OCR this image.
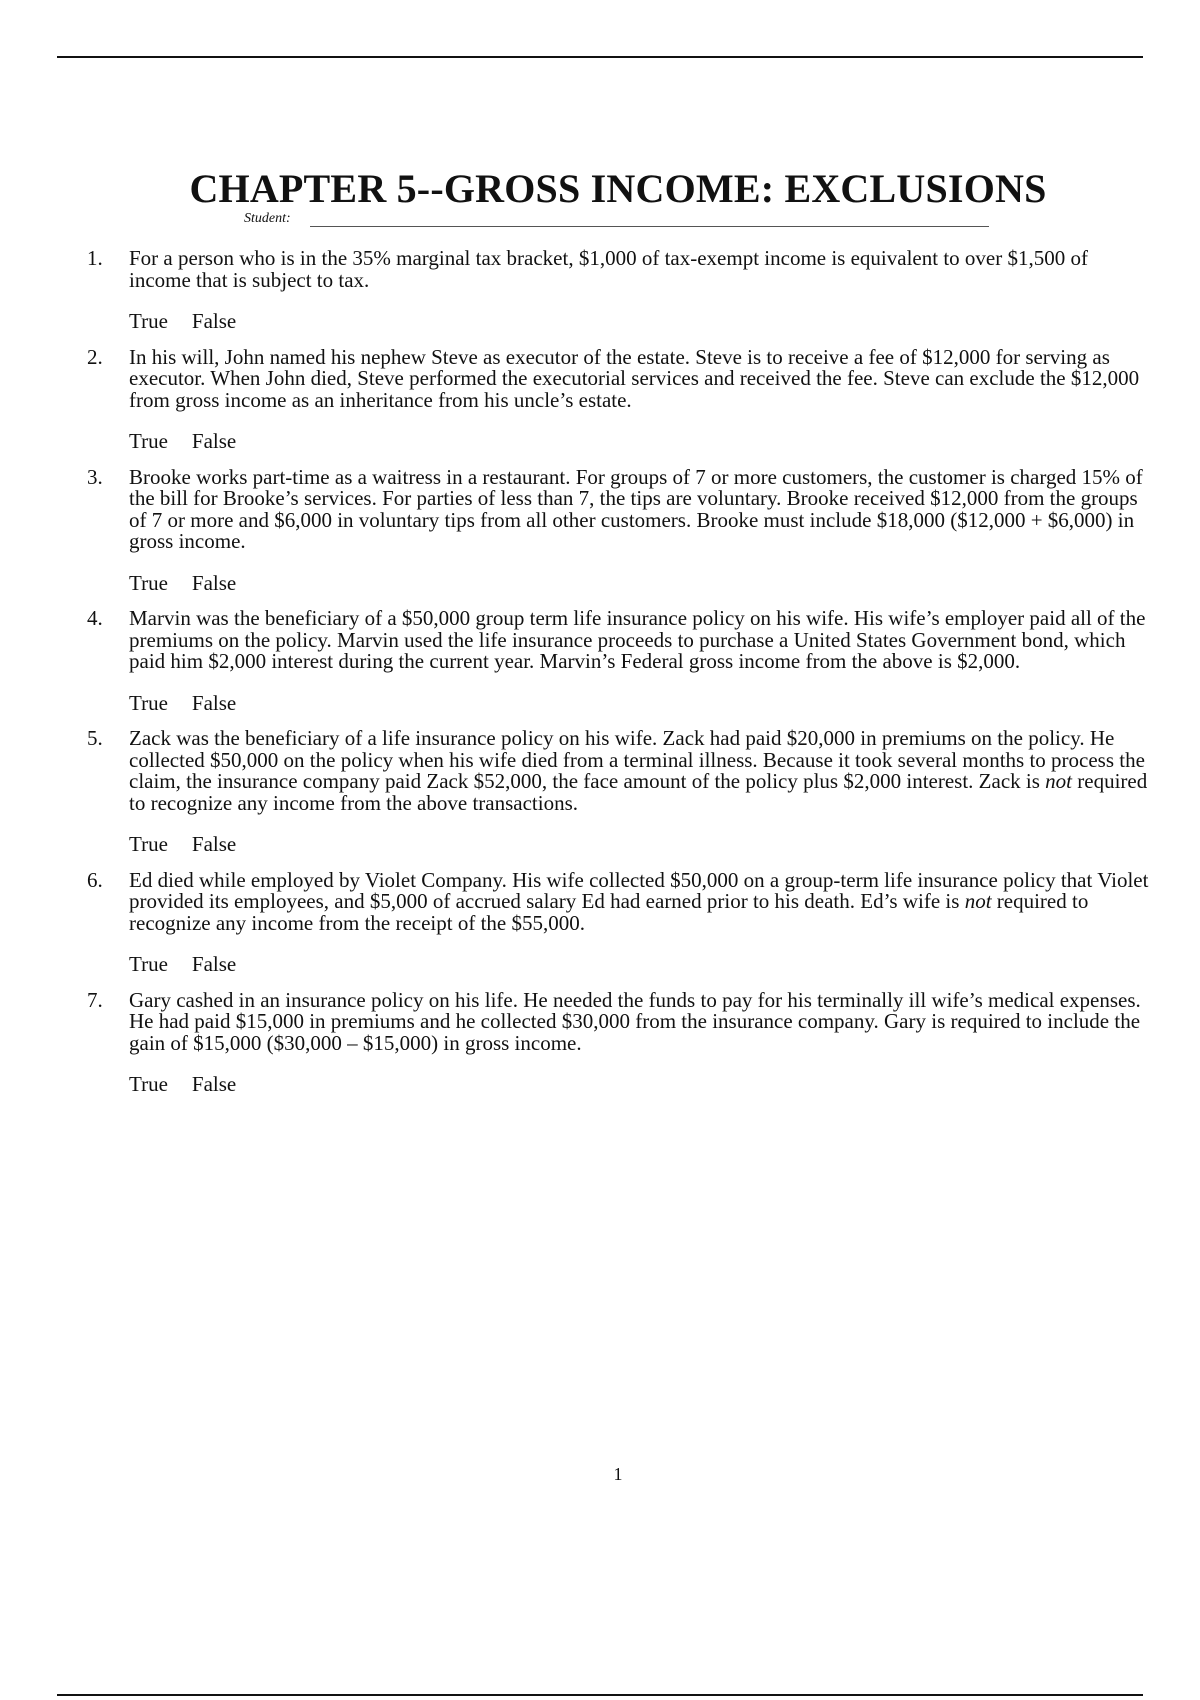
CHAPTER 5--GROSS INCOME: EXCLUSIONS
Student:
1. For a person who is in the 35% marginal tax bracket, $1,000 of tax-exempt income is equivalent to over $1,500 of income that is subject to tax.

True False
2. In his will, John named his nephew Steve as executor of the estate. Steve is to receive a fee of $12,000 for serving as executor. When John died, Steve performed the executorial services and received the fee. Steve can exclude the $12,000 from gross income as an inheritance from his uncle’s estate.

True False
3. Brooke works part-time as a waitress in a restaurant. For groups of 7 or more customers, the customer is charged 15% of the bill for Brooke’s services. For parties of less than 7, the tips are voluntary. Brooke received $12,000 from the groups of 7 or more and $6,000 in voluntary tips from all other customers. Brooke must include $18,000 ($12,000 + $6,000) in gross income.

True False
4. Marvin was the beneficiary of a $50,000 group term life insurance policy on his wife. His wife’s employer paid all of the premiums on the policy. Marvin used the life insurance proceeds to purchase a United States Government bond, which paid him $2,000 interest during the current year. Marvin’s Federal gross income from the above is $2,000.

True False
5. Zack was the beneficiary of a life insurance policy on his wife. Zack had paid $20,000 in premiums on the policy. He collected $50,000 on the policy when his wife died from a terminal illness. Because it took several months to process the claim, the insurance company paid Zack $52,000, the face amount of the policy plus $2,000 interest. Zack is not required to recognize any income from the above transactions.

True False
6. Ed died while employed by Violet Company. His wife collected $50,000 on a group-term life insurance policy that Violet provided its employees, and $5,000 of accrued salary Ed had earned prior to his death. Ed’s wife is not required to recognize any income from the receipt of the $55,000.

True False
7. Gary cashed in an insurance policy on his life. He needed the funds to pay for his terminally ill wife’s medical expenses. He had paid $15,000 in premiums and he collected $30,000 from the insurance company. Gary is required to include the gain of $15,000 ($30,000 – $15,000) in gross income.

True False
1
